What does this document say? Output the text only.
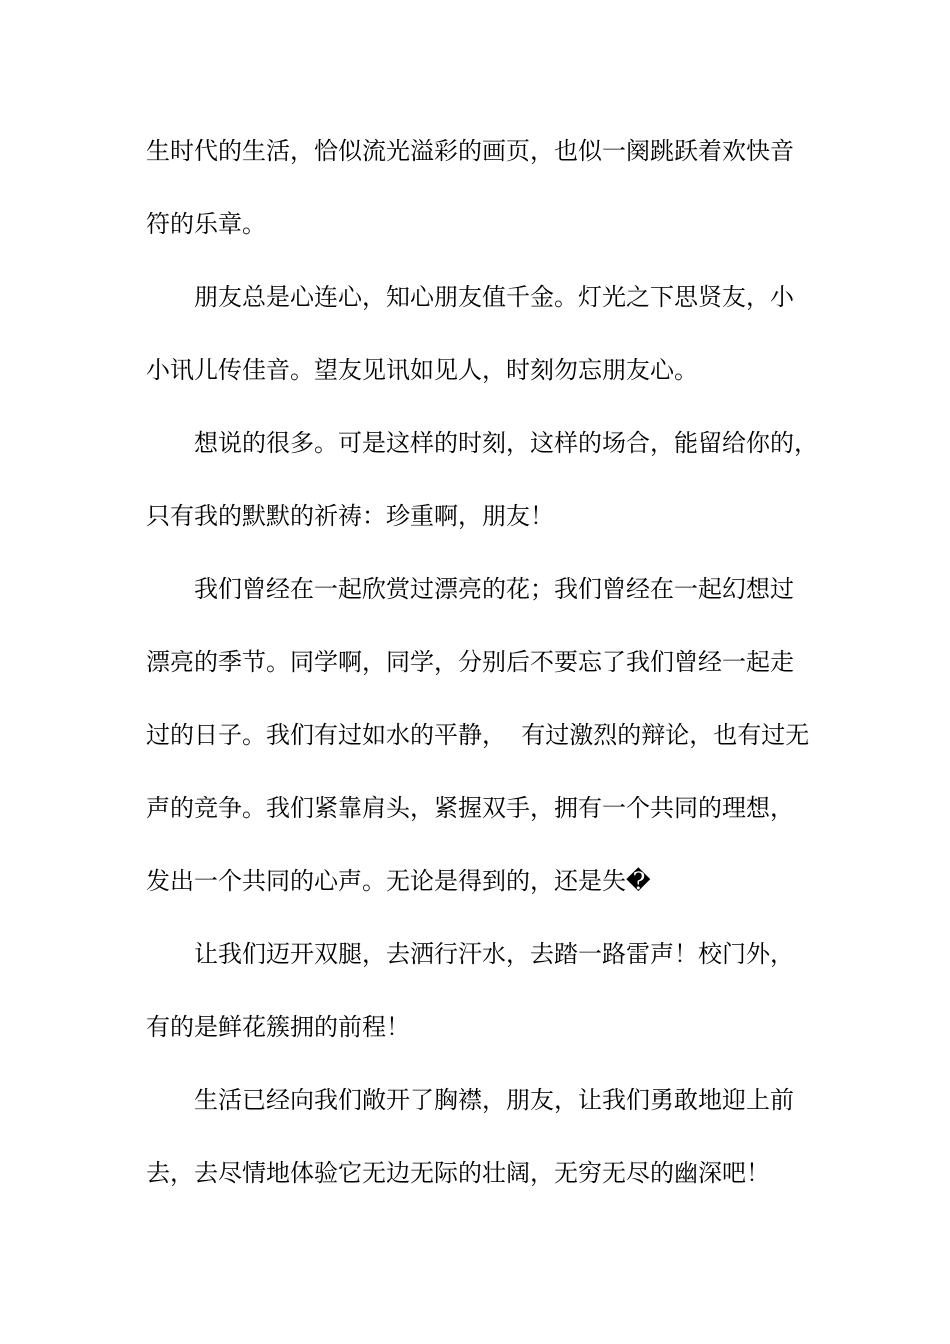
生时代的生活，恰似流光溢彩的画页，也似一阕跳跃着欢快音
符的乐章。
朋友总是心连心，知心朋友值千金。灯光之下思贤友，小
小讯儿传佳音。望友见讯如见人，时刻勿忘朋友心。
想说的很多。可是这样的时刻，这样的场合，能留给你的，
只有我的默默的祈祷：珍重啊，朋友！
我们曾经在一起欣赏过漂亮的花；我们曾经在一起幻想过
漂亮的季节。同学啊，同学，分别后不要忘了我们曾经一起走
过的日子。我们有过如水的平静，  有过激烈的辩论，也有过无
声的竞争。我们紧靠肩头，紧握双手，拥有一个共同的理想，
发出一个共同的心声。无论是得到的，还是失�
让我们迈开双腿，去洒行汗水，去踏一路雷声！校门外，
有的是鲜花簇拥的前程！
生活已经向我们敞开了胸襟，朋友，让我们勇敢地迎上前
去，去尽情地体验它无边无际的壮阔，无穷无尽的幽深吧！
